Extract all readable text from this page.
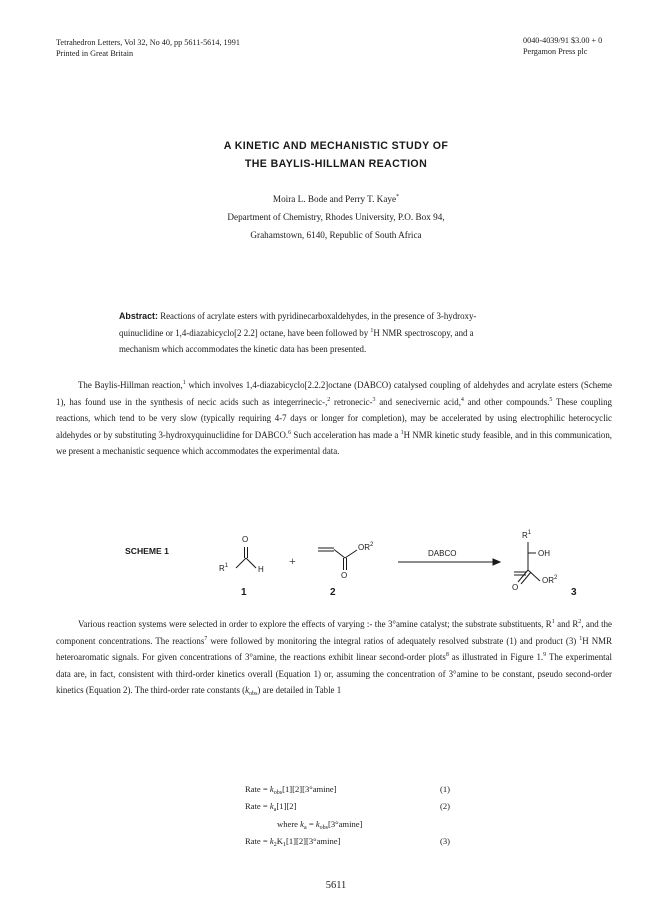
Tetrahedron Letters, Vol 32, No 40, pp 5611-5614, 1991
Printed in Great Britain
0040-4039/91 $3.00 + 0
Pergamon Press plc
A KINETIC AND MECHANISTIC STUDY OF
THE BAYLIS-HILLMAN REACTION
Moira L. Bode and Perry T. Kaye*
Department of Chemistry, Rhodes University, P.O. Box 94,
Grahamstown, 6140, Republic of South Africa

Abstract: Reactions of acrylate esters with pyridinecarboxaldehydes, in the presence of 3-hydroxy-

quinuclidine or 1,4-diazabicyclo[2 2.2] octane, have been followed by $^1$H NMR spectroscopy, and a

mechanism which accommodates the kinetic data has been presented.

The Baylis-Hillman reaction,$^1$ which involves 1,4-diazabicyclo[2.2.2]octane (DABCO) catalysed coupling of aldehydes and acrylate esters (Scheme 1), has found use in the synthesis of necic acids such as integerrinecic-,$^2$ retronecic-$^3$ and senecivernic acid,$^4$ and other compounds.$^5$ These coupling reactions, which tend to be very slow (typically requiring 4-7 days or longer for completion), may be accelerated by using electrophilic heterocyclic aldehydes or by substituting 3-hydroxyquinuclidine for DABCO.$^6$ Such acceleration has made a $^1$H NMR kinetic study feasible, and in this communication, we present a mechanistic sequence which accommodates the experimental data.

SCHEME 1
O
$R^1$	H
+
$OR^2$
O
DABCO
$R^1$
OH
$OR^2$
O
1	2	3

Various reaction systems were selected in order to explore the effects of varying :- the 3°amine catalyst; the substrate substituents, $R^1$ and $R^2$, and the component concentrations. The reactions$^7$ were followed by monitoring the integral ratios of adequately resolved substrate (1) and product (3) $^1$H NMR heteroaromatic signals. For given concentrations of 3°amine, the reactions exhibit linear second-order plots$^8$ as illustrated in Figure 1.$^9$ The experimental data are, in fact, consistent with third-order kinetics overall (Equation 1) or, assuming the concentration of 3°amine to be constant, pseudo second-order kinetics (Equation 2). The third-order rate constants $(k_{obs})$ are detailed in Table 1

Rate = $k_{obs}[1][2][3^\circ amine]$	(1)
Rate = $k_a[1][2]$	(2)
where $k_a = k_{obs}[3^\circ amine]$
Rate = $k_2K_1[1][2][3^\circ amine]$	(3)
5611
